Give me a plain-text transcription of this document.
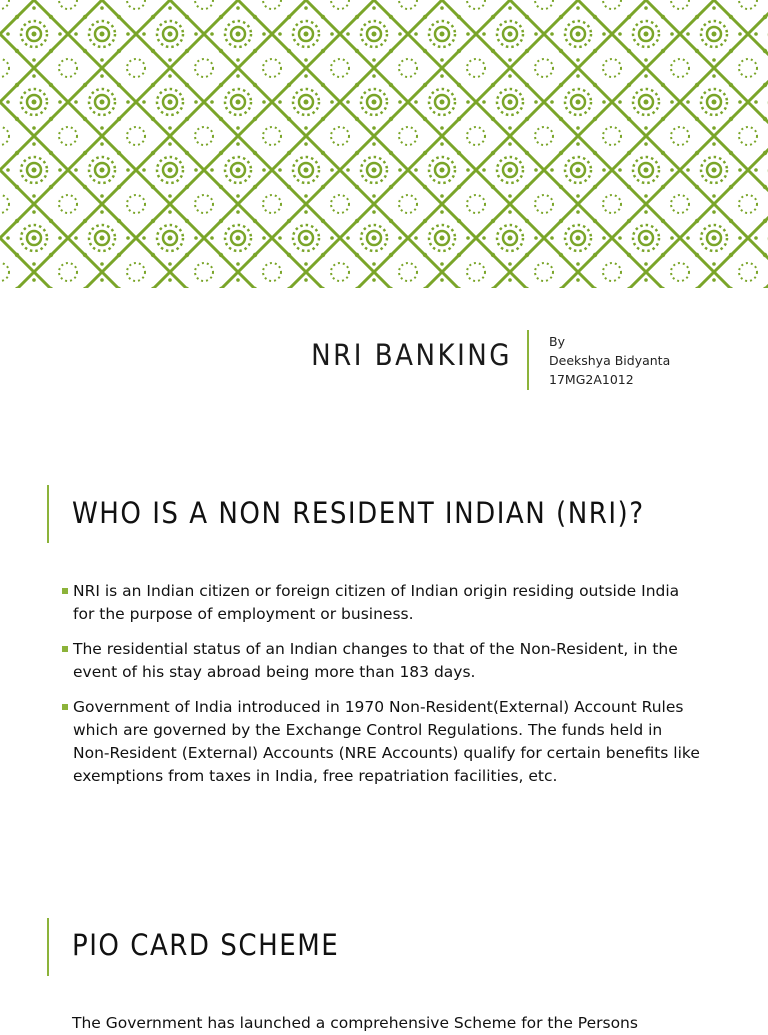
NRI BANKING	By
Deekshya Bidyanta
17MG2A1012
WHO IS A NON RESIDENT INDIAN (NRI)?
NRI is an Indian citizen or foreign citizen of Indian origin residing outside India for the purpose of employment or business.
The residential status of an Indian changes to that of the Non-Resident, in the event of his stay abroad being more than 183 days.
Government of India introduced in 1970 Non-Resident(External) Account Rules which are governed by the Exchange Control Regulations. The funds held in Non-Resident (External) Accounts (NRE Accounts) qualify for certain benefits like exemptions from taxes in India, free repatriation facilities, etc.
PIO CARD SCHEME
The Government has launched a comprehensive Scheme for the Persons
